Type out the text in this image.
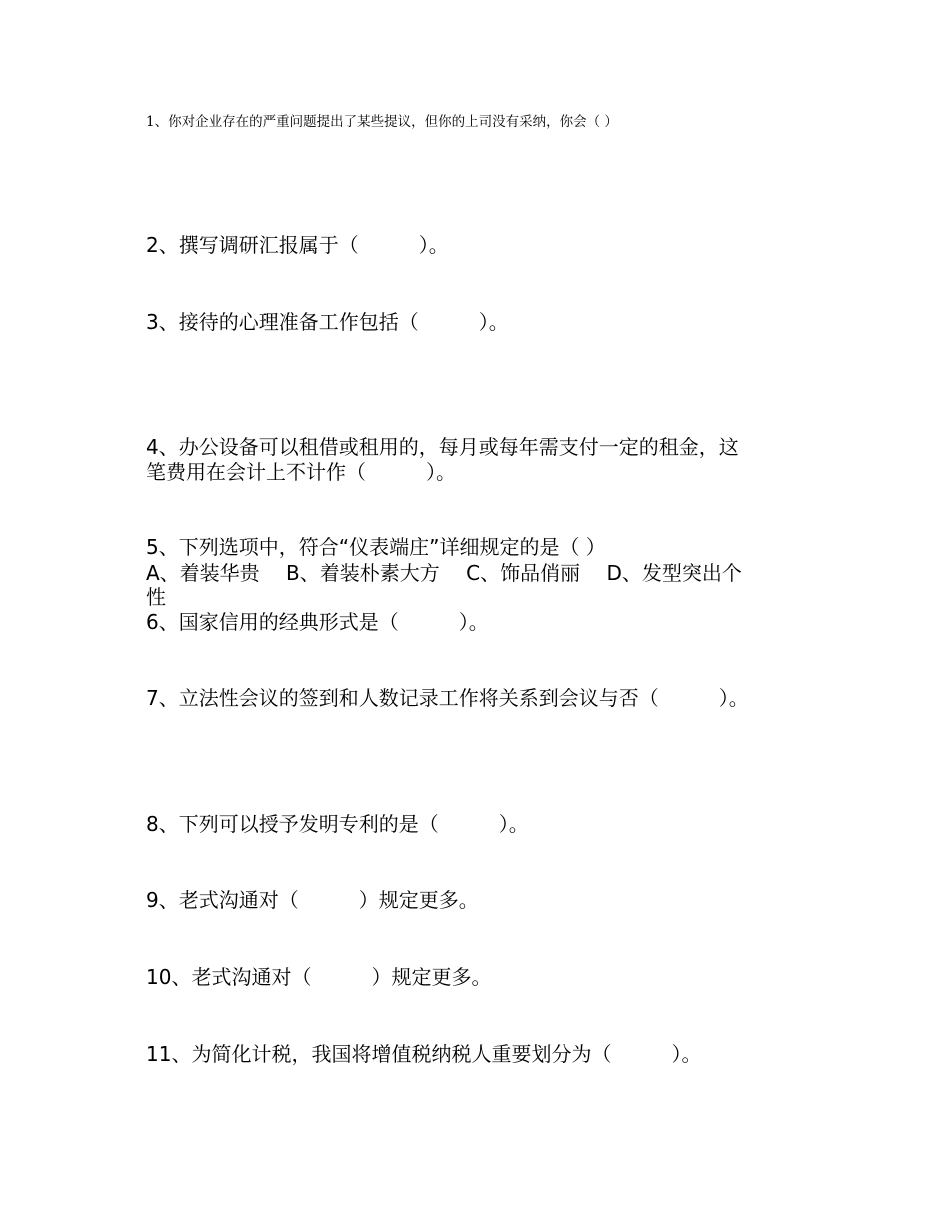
1、你对企业存在的严重问题提出了某些提议，但你的上司没有采纳，你会（ ）
2、撰写调研汇报属于（　　　）。
3、接待的心理准备工作包括（　　　）。
4、办公设备可以租借或租用的，每月或每年需支付一定的租金，这
笔费用在会计上不计作（　　　）。
5、下列选项中，符合“仪表端庄”详细规定的是（ ）
A、着装华贵　 B、着装朴素大方　 C、饰品俏丽　 D、发型突出个
性
6、国家信用的经典形式是（　　　）。
7、立法性会议的签到和人数记录工作将关系到会议与否（　　　）。
8、下列可以授予发明专利的是（　　　）。
9、老式沟通对（　　　）规定更多。
10、老式沟通对（　　　）规定更多。
11、为简化计税，我国将增值税纳税人重要划分为（　　　）。
